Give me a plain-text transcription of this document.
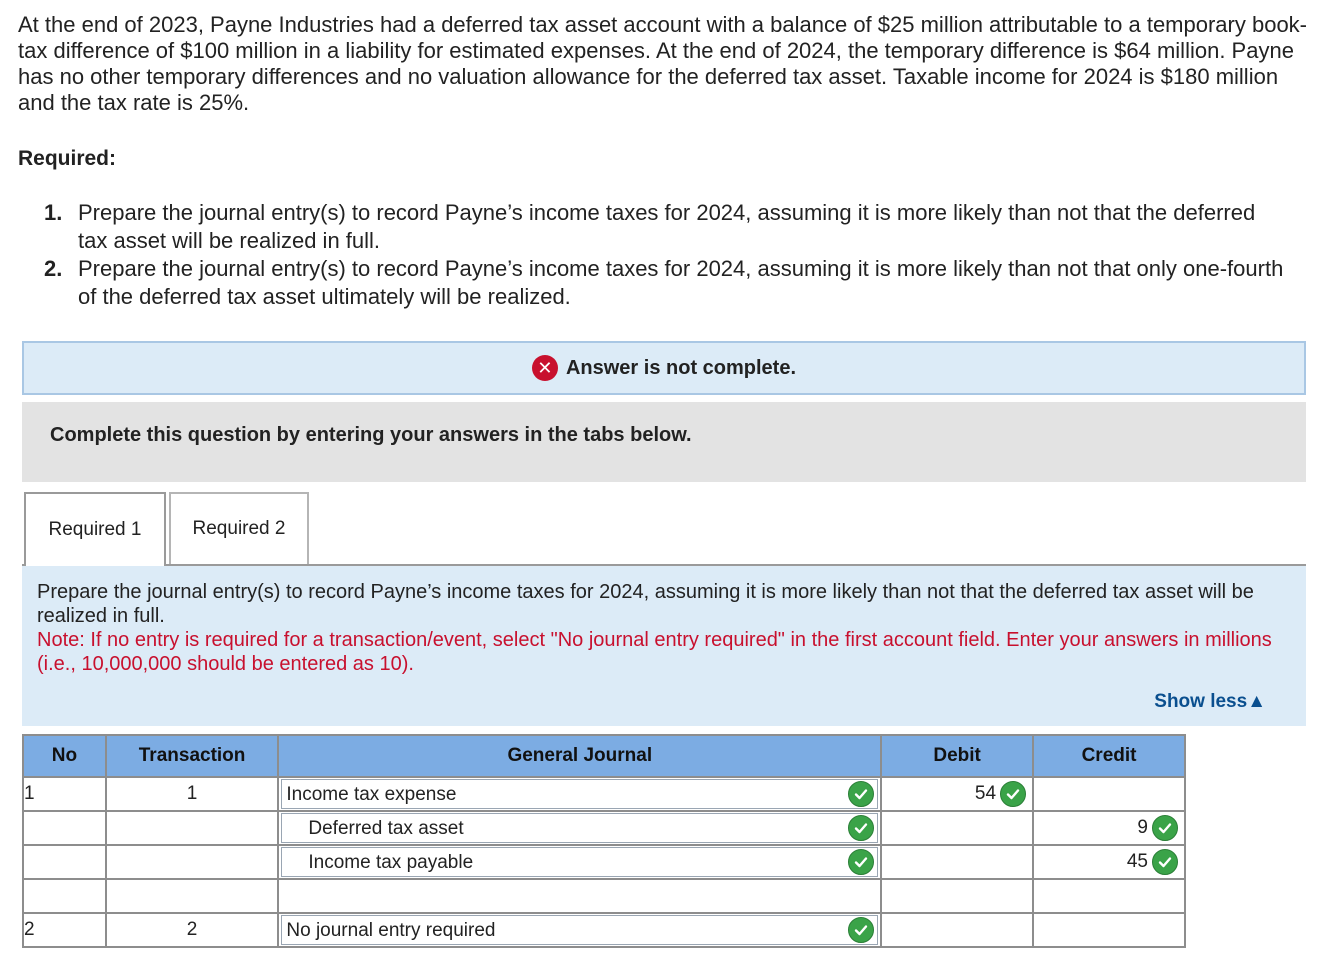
At the end of 2023, Payne Industries had a deferred tax asset account with a balance of $25 million attributable to a temporary book-tax difference of $100 million in a liability for estimated expenses. At the end of 2024, the temporary difference is $64 million. Payne has no other temporary differences and no valuation allowance for the deferred tax asset. Taxable income for 2024 is $180 million and the tax rate is 25%.
Required:
1. Prepare the journal entry(s) to record Payne’s income taxes for 2024, assuming it is more likely than not that the deferred tax asset will be realized in full.
2. Prepare the journal entry(s) to record Payne’s income taxes for 2024, assuming it is more likely than not that only one-fourth of the deferred tax asset ultimately will be realized.
✕ Answer is not complete.
Complete this question by entering your answers in the tabs below.
Required 1	Required 2
Prepare the journal entry(s) to record Payne’s income taxes for 2024, assuming it is more likely than not that the deferred tax asset will be realized in full.
Note: If no entry is required for a transaction/event, select "No journal entry required" in the first account field. Enter your answers in millions (i.e., 10,000,000 should be entered as 10).
Show less▲
No	Transaction	General Journal	Debit	Credit
1	1	Income tax expense	54	

		Deferred tax asset		9

		Income tax payable		45

2	2	No journal entry required		
